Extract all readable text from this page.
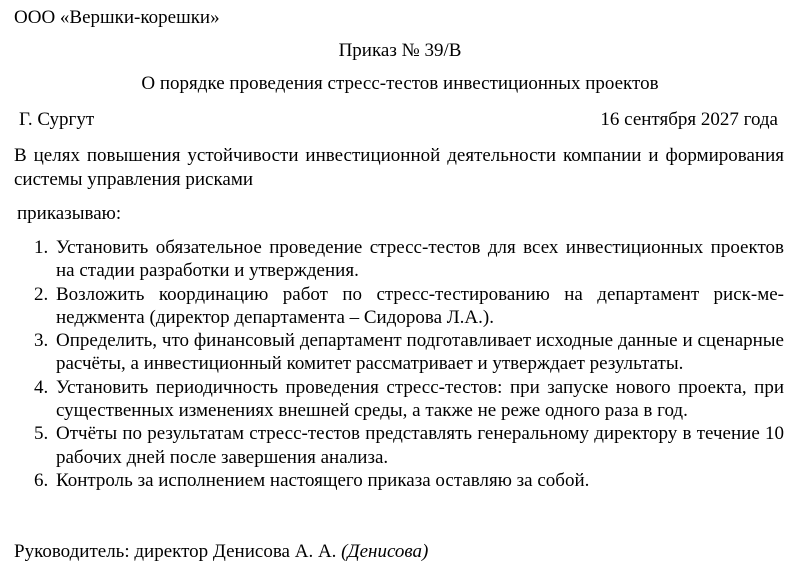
ООО «Вершки-корешки»
Приказ № 39/В
О порядке проведения стресс-тестов инвестиционных проектов
Г. Сургут	16 сентября 2027 года
В целях повышения устойчивости инвестиционной деятельности компании и формирования системы управления рисками
приказываю:
1. Установить обязательное проведение стресс-тестов для всех инвестиционных проектов на стадии разработки и утверждения.
2. Возложить координацию работ по стресс-тестированию на департамент риск-менеджмента (директор департамента – Сидорова Л.А.).
3. Определить, что финансовый департамент подготавливает исходные данные и сценарные расчёты, а инвестиционный комитет рассматривает и утверждает результаты.
4. Установить периодичность проведения стресс-тестов: при запуске нового проекта, при существенных изменениях внешней среды, а также не реже одного раза в год.
5. Отчёты по результатам стресс-тестов представлять генеральному директору в течение 10 рабочих дней после завершения анализа.
6. Контроль за исполнением настоящего приказа оставляю за собой.
Руководитель: директор Денисова А. А. (Денисова)
